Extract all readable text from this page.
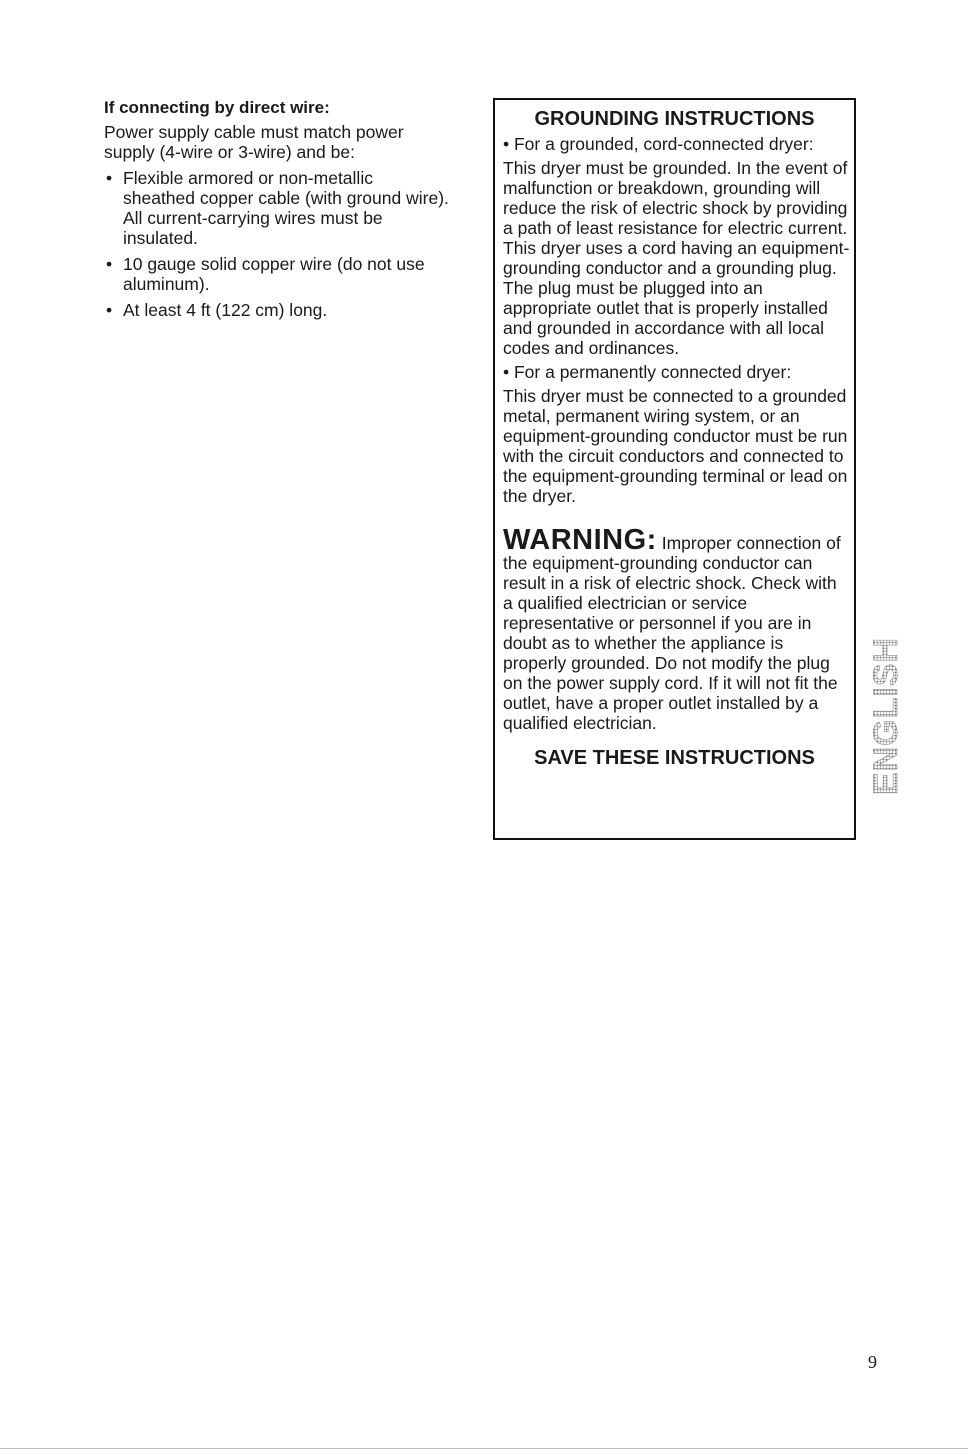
If connecting by direct wire:
Power supply cable must match power supply (4-wire or 3-wire) and be:
• Flexible armored or non-metallic sheathed copper cable (with ground wire). All current-carrying wires must be insulated.
• 10 gauge solid copper wire (do not use aluminum).
• At least 4 ft (122 cm) long.
GROUNDING INSTRUCTIONS
• For a grounded, cord-connected dryer:
This dryer must be grounded. In the event of malfunction or breakdown, grounding will reduce the risk of electric shock by providing a path of least resistance for electric current. This dryer uses a cord having an equipment-grounding conductor and a grounding plug. The plug must be plugged into an appropriate outlet that is properly installed and grounded in accordance with all local codes and ordinances.
• For a permanently connected dryer:
This dryer must be connected to a grounded metal, permanent wiring system, or an equipment-grounding conductor must be run with the circuit conductors and connected to the equipment-grounding terminal or lead on the dryer.
WARNING: Improper connection of the equipment-grounding conductor can result in a risk of electric shock. Check with a qualified electrician or service representative or personnel if you are in doubt as to whether the appliance is properly grounded. Do not modify the plug on the power supply cord. If it will not fit the outlet, have a proper outlet installed by a qualified electrician.
SAVE THESE INSTRUCTIONS	ENGLISH
9
